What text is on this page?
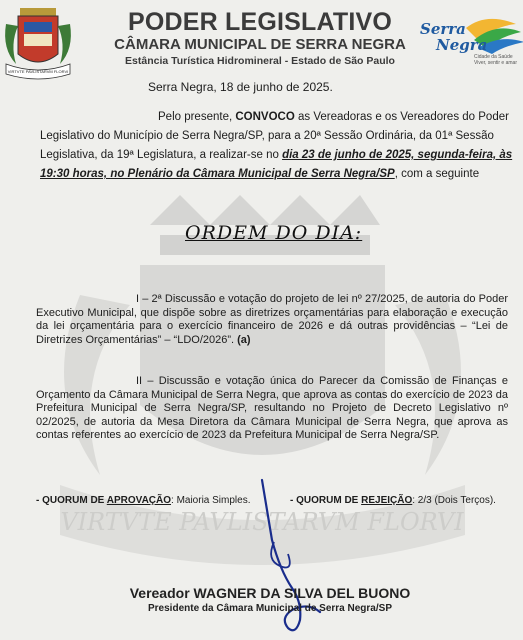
VIRTVTE PAVLISTARVM FLORVI
VIRTVTE PAVLISTARVM FLORVI
Serra
Negra
Cidade da Saúde
Viver, sentir e amar
PODER LEGISLATIVO
CÂMARA MUNICIPAL DE SERRA NEGRA
Estância Turística Hidromineral - Estado de São Paulo
Serra Negra, 18 de junho de 2025.
Pelo presente, CONVOCO as Vereadoras e os Vereadores do Poder Legislativo do Município de Serra Negra/SP, para a 20ª Sessão Ordinária, da 01ª Sessão Legislativa, da 19ª Legislatura, a realizar-se no dia 23 de junho de 2025, segunda-feira, às 19:30 horas, no Plenário da Câmara Municipal de Serra Negra/SP, com a seguinte
ORDEM DO DIA:
I – 2ª Discussão e votação do projeto de lei nº 27/2025, de autoria do Poder Executivo Municipal, que dispõe sobre as diretrizes orçamentárias para elaboração e execução da lei orçamentária para o exercício financeiro de 2026 e dá outras providências – “Lei de Diretrizes Orçamentárias” – “LDO/2026”. (a)
II – Discussão e votação única do Parecer da Comissão de Finanças e Orçamento da Câmara Municipal de Serra Negra, que aprova as contas do exercício de 2023 da Prefeitura Municipal de Serra Negra/SP, resultando no Projeto de Decreto Legislativo nº 02/2025, de autoria da Mesa Diretora da Câmara Municipal de Serra Negra, que aprova as contas referentes ao exercício de 2023 da Prefeitura Municipal de Serra Negra/SP.
- QUORUM DE APROVAÇÃO: Maioria Simples.	- QUORUM DE REJEIÇÃO: 2/3 (Dois Terços).
Vereador WAGNER DA SILVA DEL BUONO
Presidente da Câmara Municipal de Serra Negra/SP
